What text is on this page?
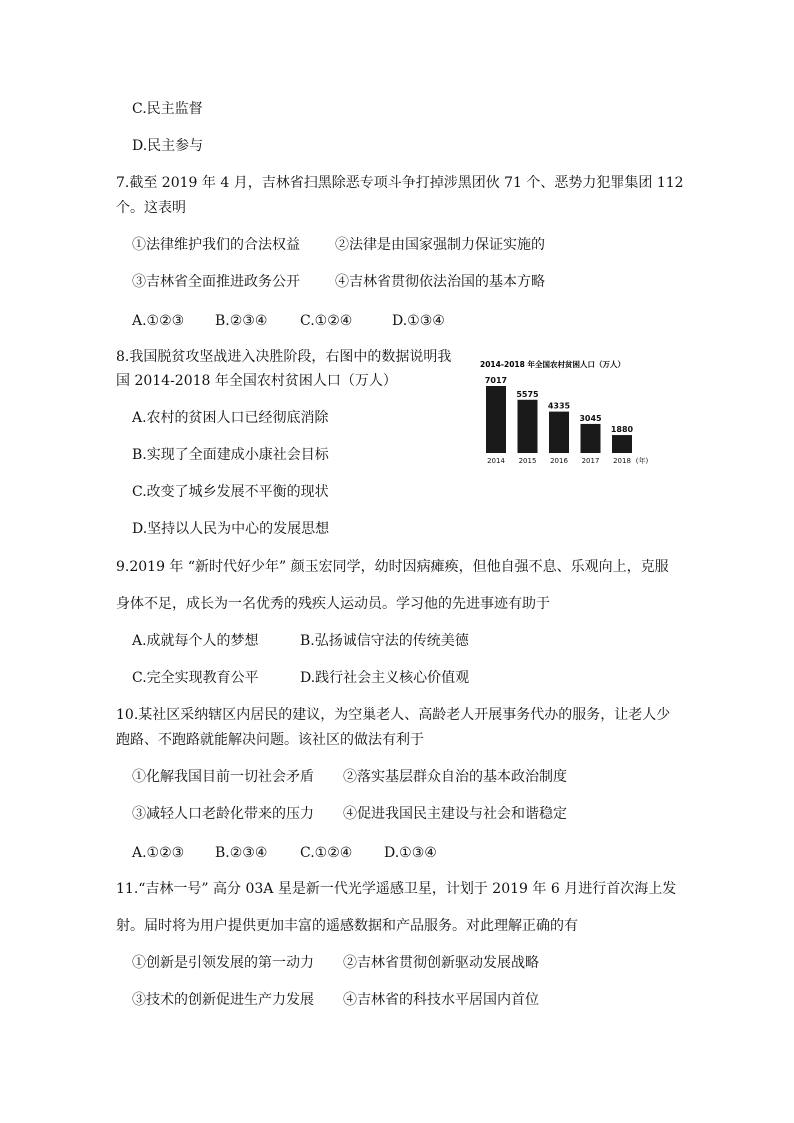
C.民主监督
D.民主参与
7.截至 2019 年 4 月，吉林省扫黑除恶专项斗争打掉涉黑团伙 71 个、恶势力犯罪集团 112
个。这表明
①法律维护我们的合法权益	②法律是由国家强制力保证实施的
③吉林省全面推进政务公开	④吉林省贯彻依法治国的基本方略
A.①②③ B.②③④ C.①②④	D.①③④
8.我国脱贫攻坚战进入决胜阶段，右图中的数据说明我
国 2014-2018 年全国农村贫困人口（万人）
A.农村的贫困人口已经彻底消除
B.实现了全面建成小康社会目标
C.改变了城乡发展不平衡的现状
D.坚持以人民为中心的发展思想
2014-2018 年全国农村贫困人口（万人）
7017
2014
5575
2015
4335
2016
3045
2017
1880
2018 (年)
9.2019 年 “新时代好少年” 颜玉宏同学，幼时因病瘫痪，但他自强不息、乐观向上，克服
身体不足，成长为一名优秀的残疾人运动员。学习他的先进事迹有助于
A.成就每个人的梦想	B.弘扬诚信守法的传统美德
C.完全实现教育公平	D.践行社会主义核心价值观
10.某社区采纳辖区内居民的建议，为空巢老人、高龄老人开展事务代办的服务，让老人少
跑路、不跑路就能解决问题。该社区的做法有利于
①化解我国目前一切社会矛盾 ②落实基层群众自治的基本政治制度
③减轻人口老龄化带来的压力 ④促进我国民主建设与社会和谐稳定
A.①②③ B.②③④ C.①②④ D.①③④
11.“吉林一号” 高分 03A 星是新一代光学遥感卫星，计划于 2019 年 6 月进行首次海上发
射。届时将为用户提供更加丰富的遥感数据和产品服务。对此理解正确的有
①创新是引领发展的第一动力 ②吉林省贯彻创新驱动发展战略
③技术的创新促进生产力发展 ④吉林省的科技水平居国内首位
